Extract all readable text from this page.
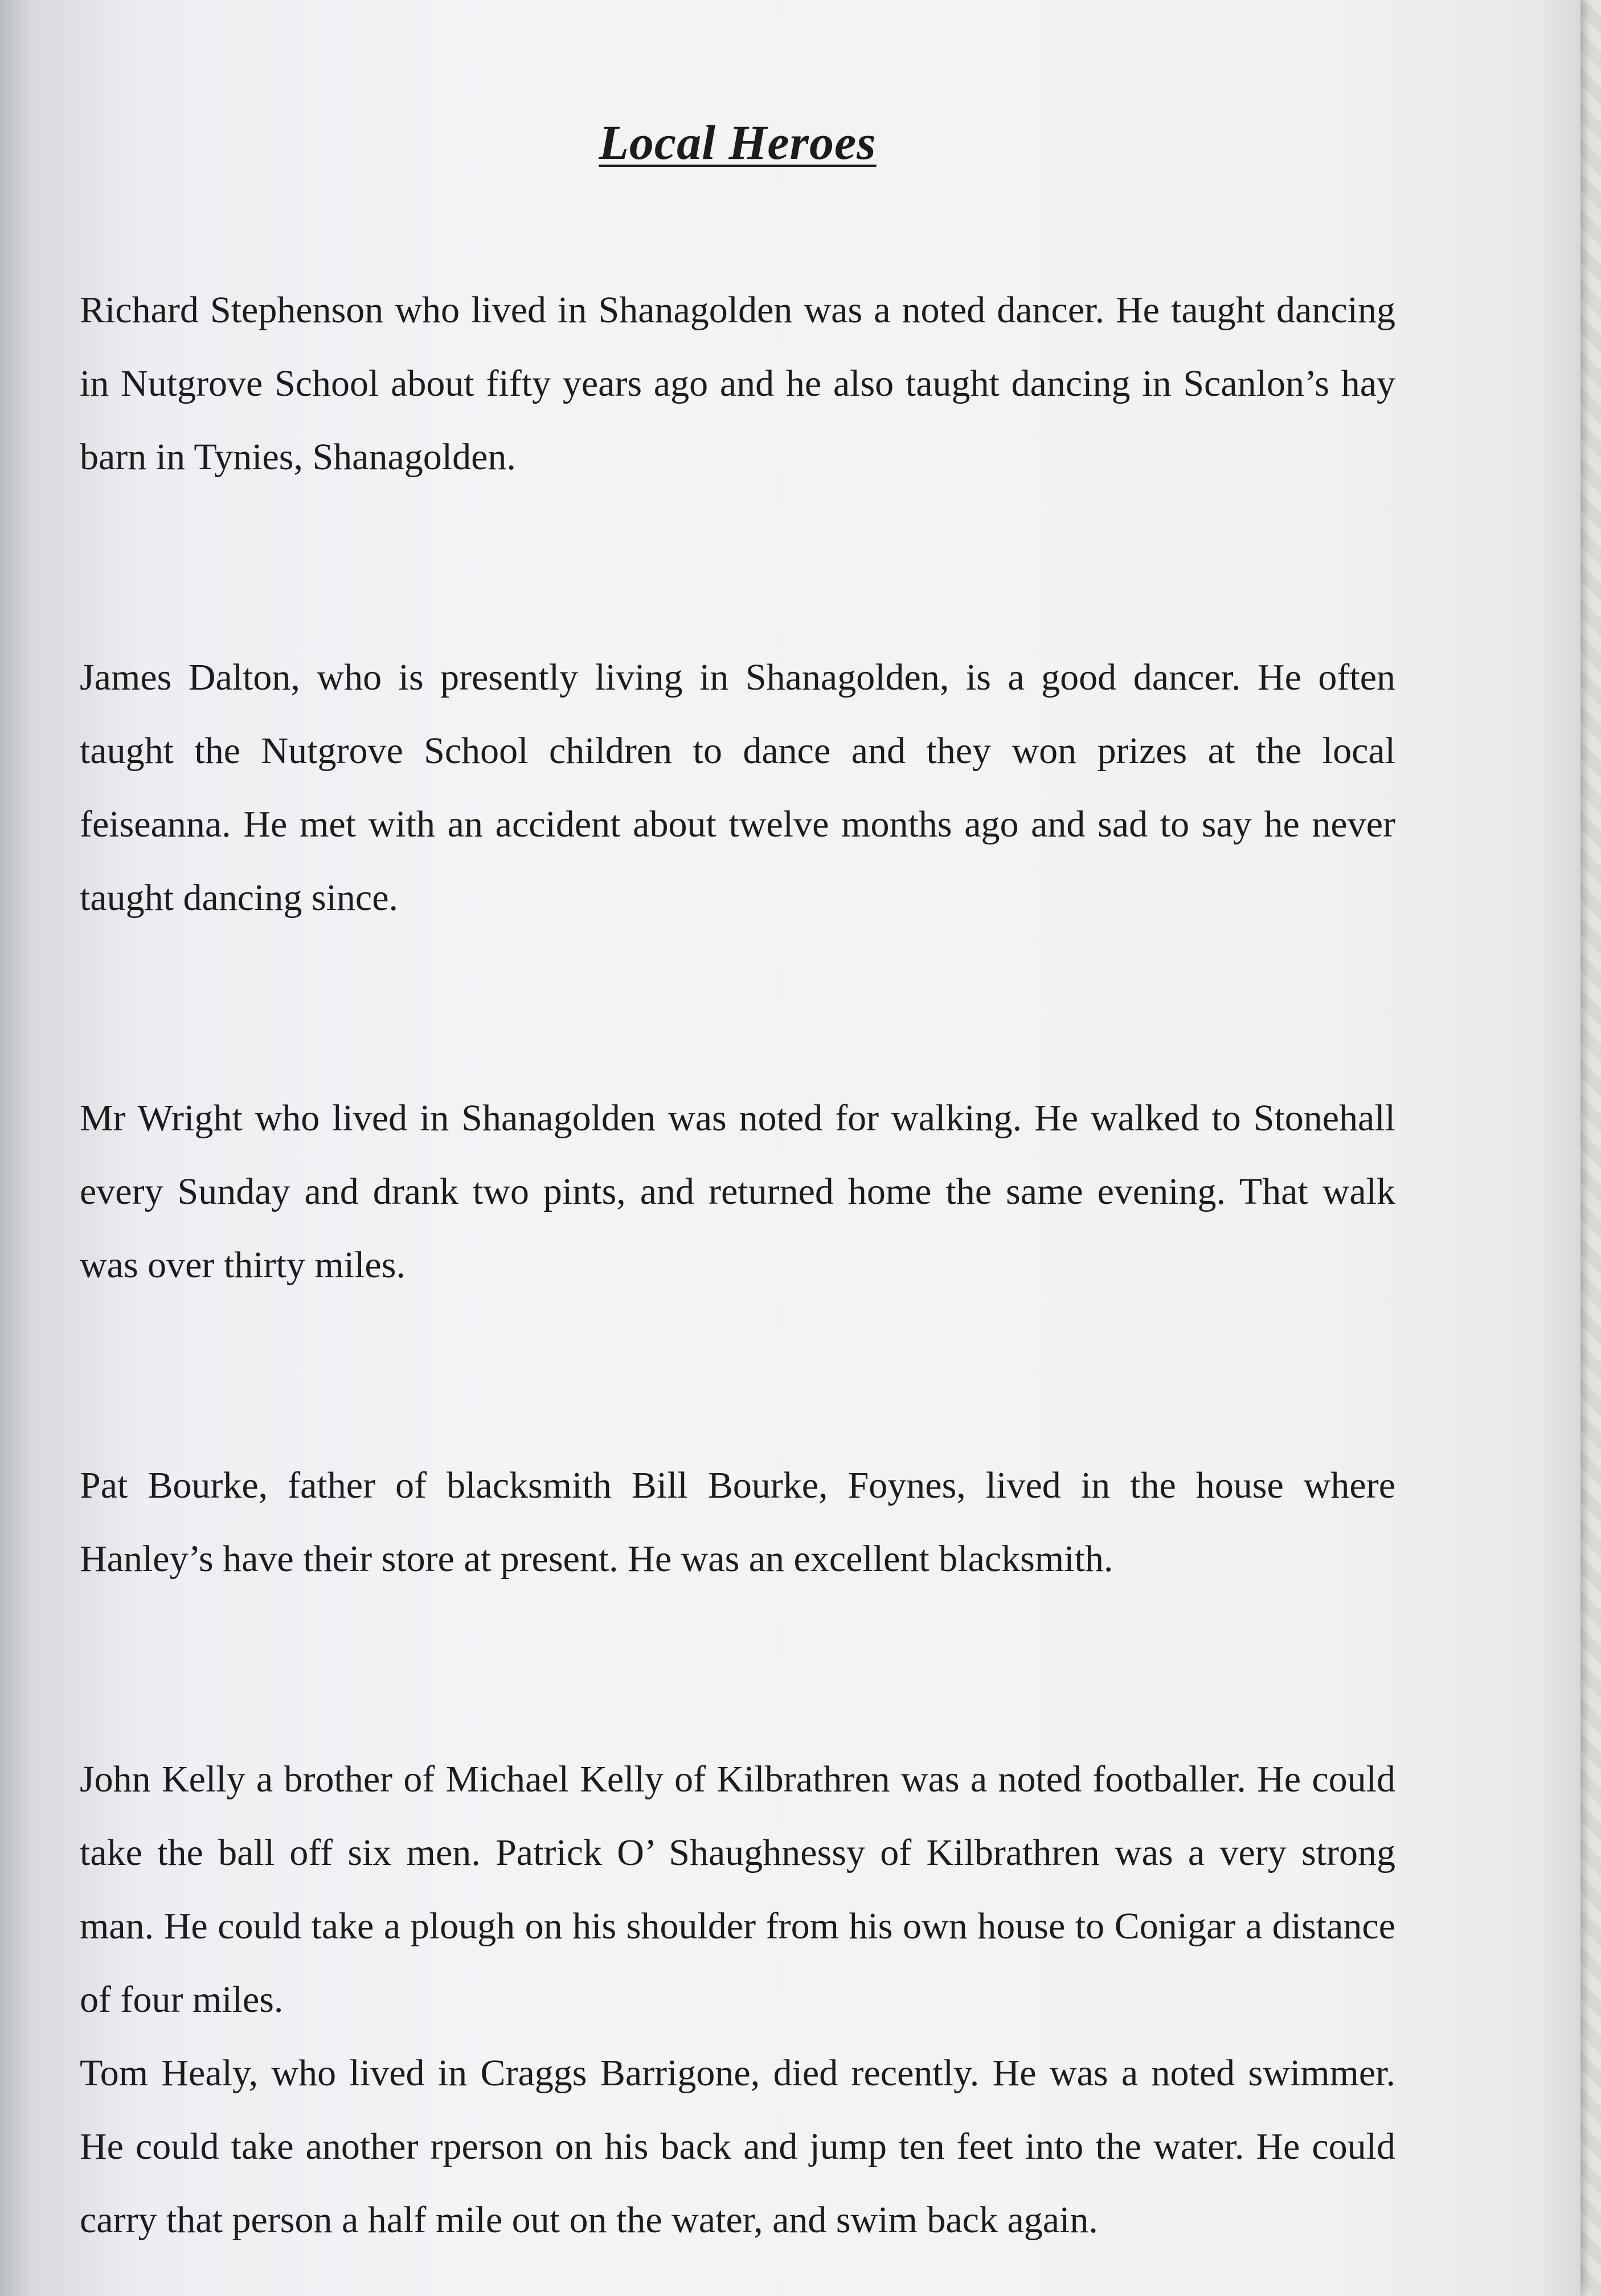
Local Heroes

Richard Stephenson who lived in Shanagolden was a noted dancer. He taught dancing in Nutgrove School about fifty years ago and he also taught dancing in Scanlon’s hay barn in Tynies, Shanagolden.

James Dalton, who is presently living in Shanagolden, is a good dancer. He often taught the Nutgrove School children to dance and they won prizes at the local feiseanna. He met with an accident about twelve months ago and sad to say he never taught dancing since.

Mr Wright who lived in Shanagolden was noted for walking. He walked to Stonehall every Sunday and drank two pints, and returned home the same evening. That walk was over thirty miles.

Pat Bourke, father of blacksmith Bill Bourke, Foynes, lived in the house where Hanley’s have their store at present. He was an excellent blacksmith.

John Kelly a brother of Michael Kelly of Kilbrathren was a noted footballer. He could take the ball off six men. Patrick O’ Shaughnessy of Kilbrathren was a very strong man. He could take a plough on his shoulder from his own house to Conigar a distance of four miles.

Tom Healy, who lived in Craggs Barrigone, died recently. He was a noted swimmer. He could take another rperson on his back and jump ten feet into the water. He could carry that person a half mile out on the water, and swim back again.
